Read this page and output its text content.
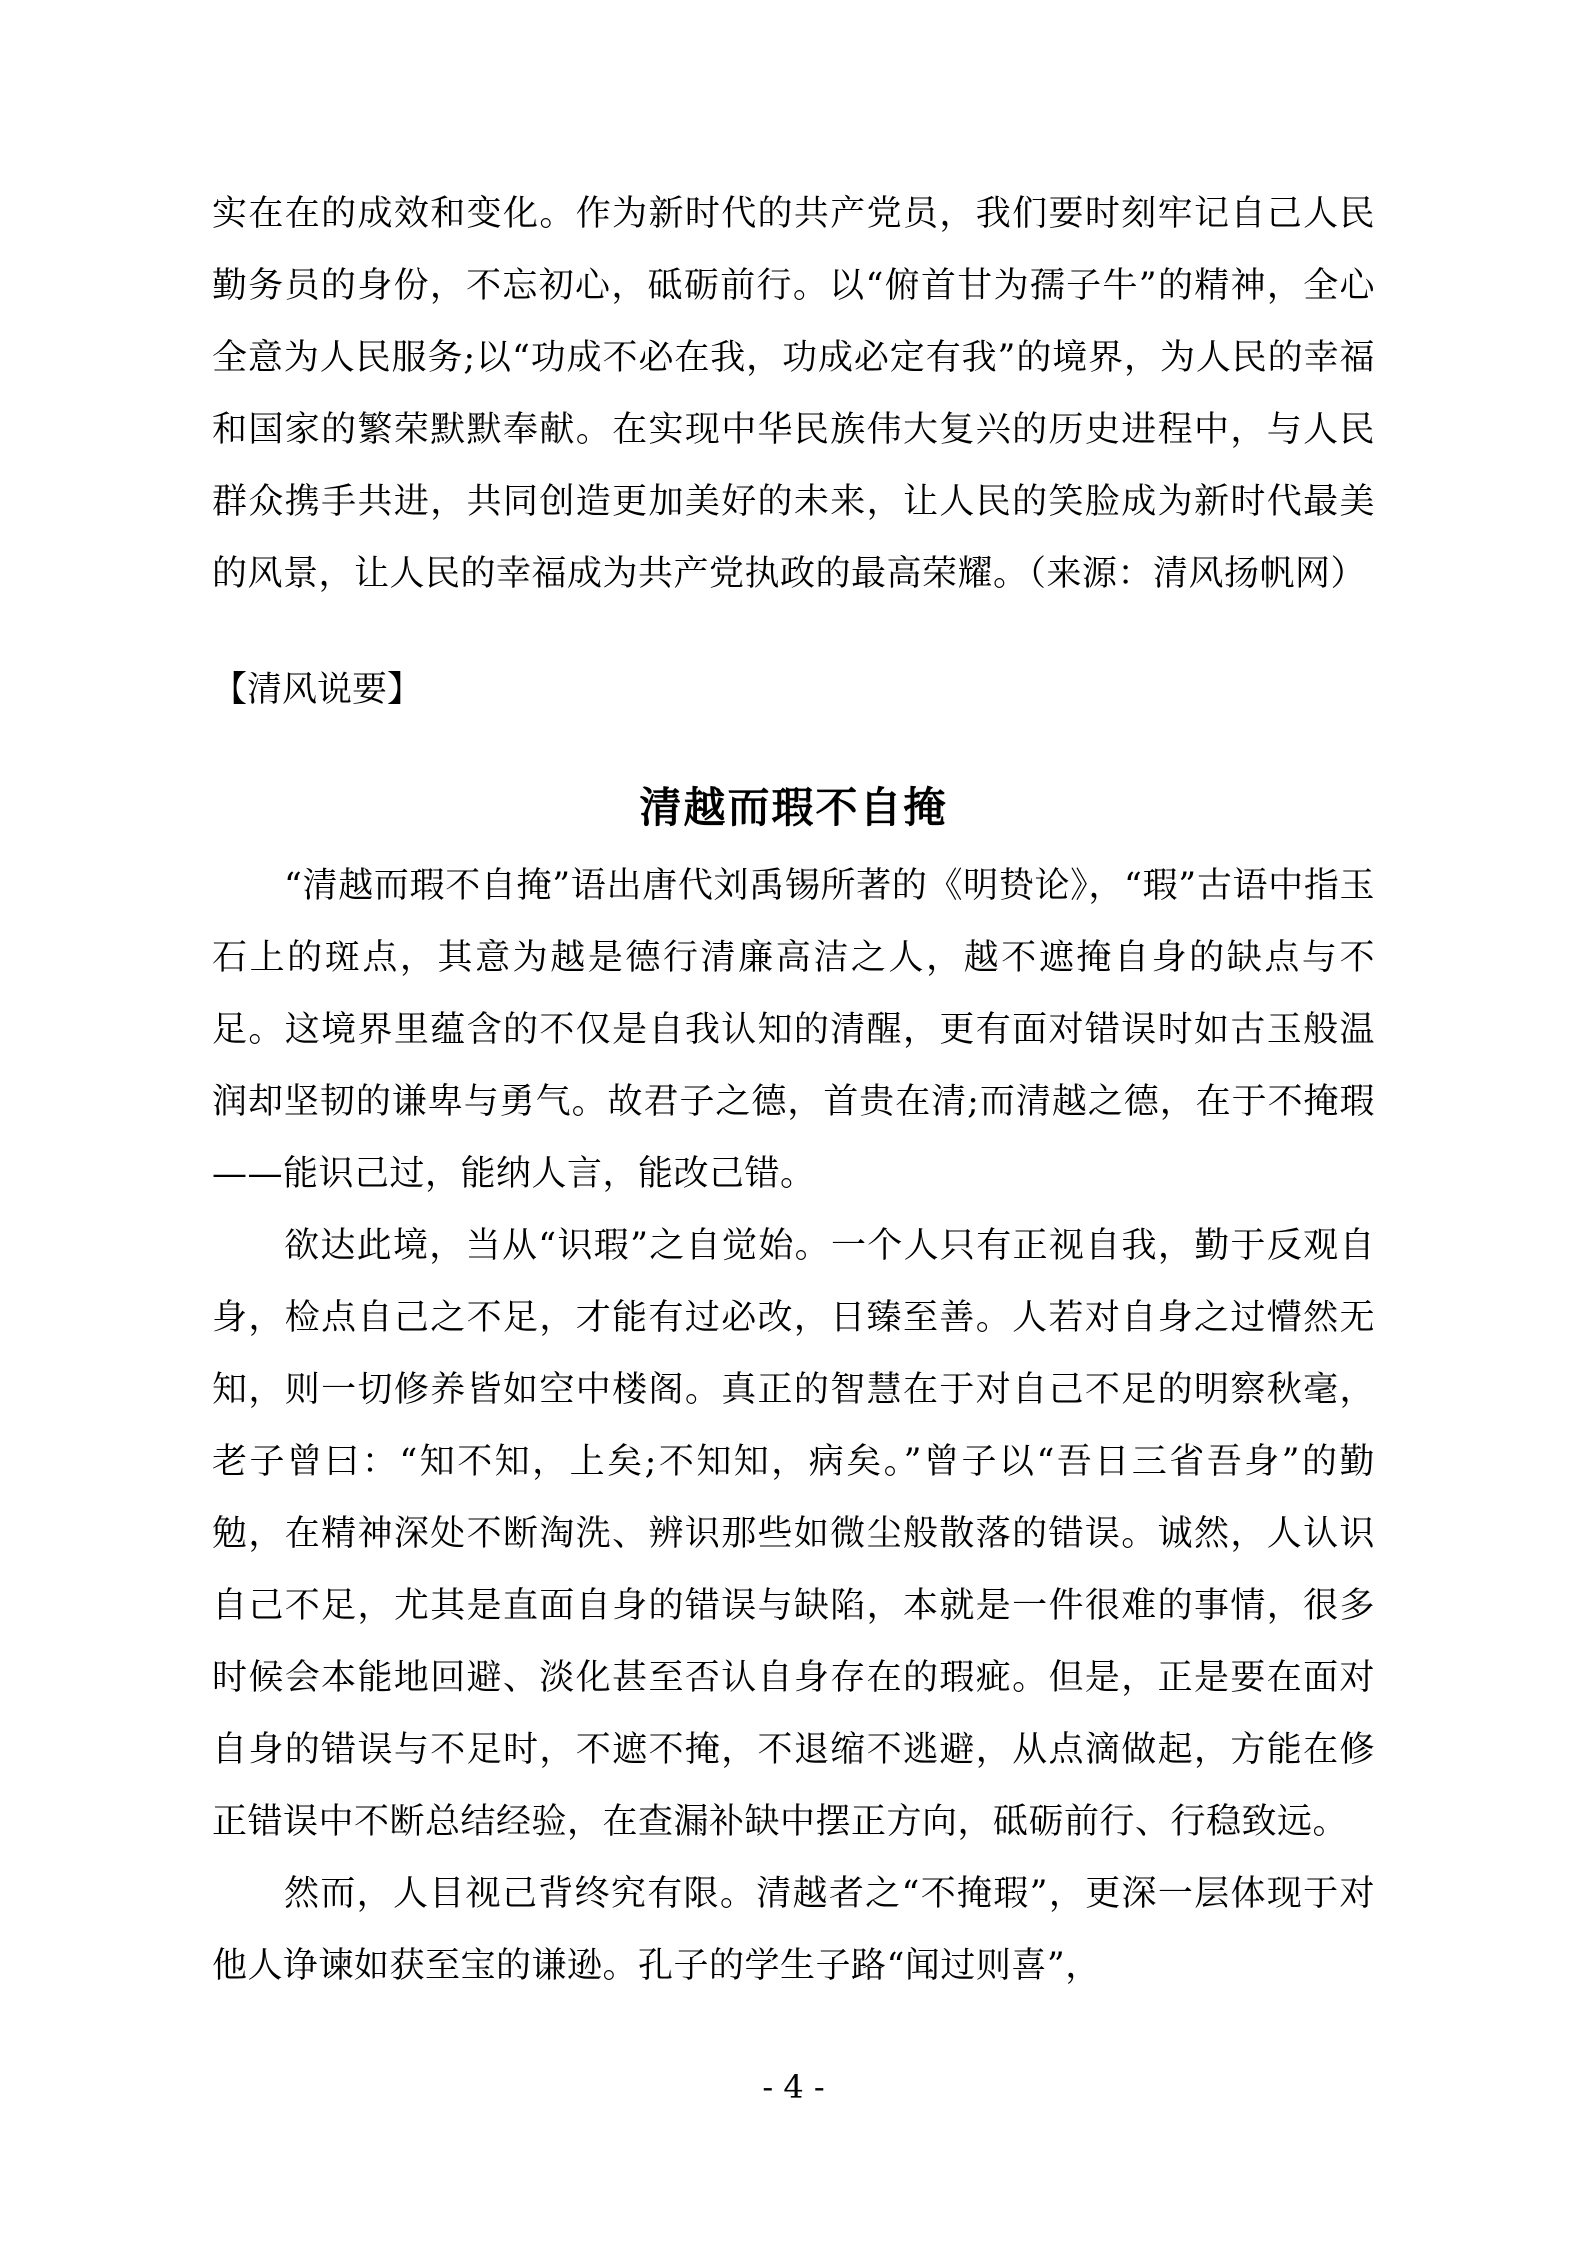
实在在的成效和变化。作为新时代的共产党员，我们要时刻牢记自己人民勤务员的身份，不忘初心，砥砺前行。以“俯首甘为孺子牛”的精神，全心全意为人民服务;以“功成不必在我，功成必定有我”的境界，为人民的幸福和国家的繁荣默默奉献。在实现中华民族伟大复兴的历史进程中，与人民群众携手共进，共同创造更加美好的未来，让人民的笑脸成为新时代最美的风景，让人民的幸福成为共产党执政的最高荣耀。（来源：清风扬帆网）

【清风说要】

清越而瑕不自掩

“清越而瑕不自掩”语出唐代刘禹锡所著的《明贽论》，“瑕”古语中指玉石上的斑点，其意为越是德行清廉高洁之人，越不遮掩自身的缺点与不足。这境界里蕴含的不仅是自我认知的清醒，更有面对错误时如古玉般温润却坚韧的谦卑与勇气。故君子之德，首贵在清;而清越之德，在于不掩瑕——能识己过，能纳人言，能改己错。

欲达此境，当从“识瑕”之自觉始。一个人只有正视自我，勤于反观自身，检点自己之不足，才能有过必改，日臻至善。人若对自身之过懵然无知，则一切修养皆如空中楼阁。真正的智慧在于对自己不足的明察秋毫，老子曾曰：“知不知，上矣;不知知，病矣。”曾子以“吾日三省吾身”的勤勉，在精神深处不断淘洗、辨识那些如微尘般散落的错误。诚然，人认识自己不足，尤其是直面自身的错误与缺陷，本就是一件很难的事情，很多时候会本能地回避、淡化甚至否认自身存在的瑕疵。但是，正是要在面对自身的错误与不足时，不遮不掩，不退缩不逃避，从点滴做起，方能在修正错误中不断总结经验，在查漏补缺中摆正方向，砥砺前行、行稳致远。

然而，人目视己背终究有限。清越者之“不掩瑕”，更深一层体现于对他人诤谏如获至宝的谦逊。孔子的学生子路“闻过则喜”，

- 4 -
